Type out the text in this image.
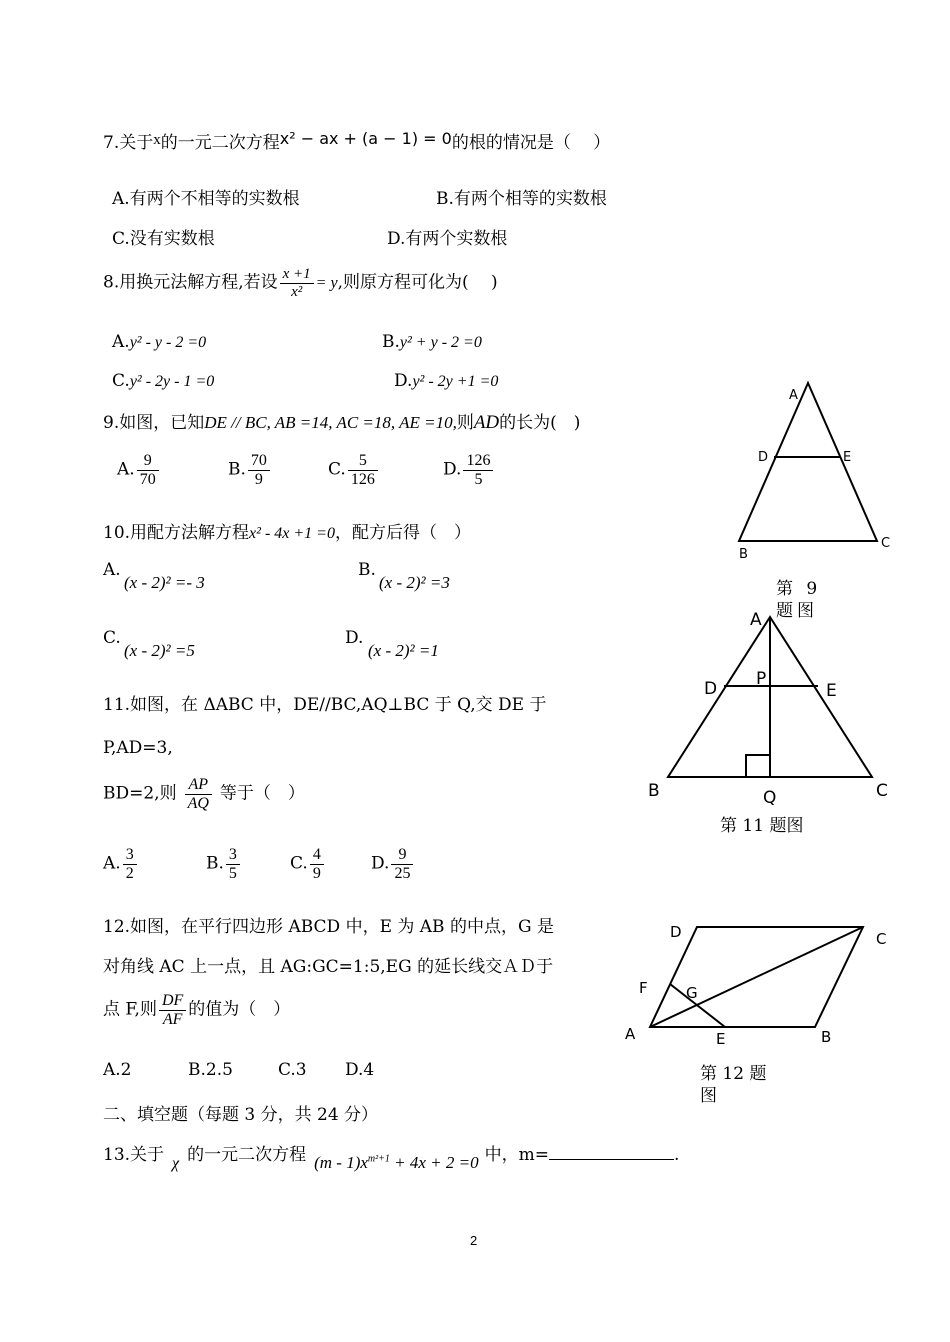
7.关于x的一元二次方程x² − ax + (a − 1) = 0的根的情况是（　 ）
A.有两个不相等的实数根	B.有两个相等的实数根
C.没有实数根	D.有两个实数根
8.用换元法解方程,若设 $\frac{x +1}{\text{x²}} = y$,则原方程可化为(　 )
A.y² - y - 2 =0	B.y² + y - 2 =0
C.y² - 2y - 1 =0	D.y² - 2y +1 =0
9.如图，已知DE // BC, AB =14, AC =18, AE =10,则AD的长为(　)
A. $\frac{9}{70}$	B. $\frac{70}{9}$	C. $\frac{5}{126}$	D. $\frac{126}{5}$
A
D	E
B
C
第 9 题图
10.用配方法解方程x² - 4x +1 =0，配方后得（　）
A.
(x - 2)² =- 3
B.
(x - 2)² =3
C.
(x - 2)² =5
D.
(x - 2)² =1
A
D P
E
B	Q	C
第 11 题图
11.如图，在 ΔABC 中，DE//BC,AQ⊥BC 于 Q,交 DE 于
P,AD=3,
BD=2,则 $\frac{AP}{AQ}$ 等于（　）
A. $\frac{3}{2}$	B. $\frac{3}{5}$	C. $\frac{4}{9}$	D. $\frac{9}{25}$
12.如图，在平行四边形 ABCD 中，E 为 AB 的中点，G 是
对角线 AC 上一点，且 AG:GC=1:5,EG 的延长线交ＡＤ于
点 F,则 $\frac{DF}{AF}$ 的值为（　）
A.2	B.2.5	C.3 D.4
D	C
F	G
A	E	B
第 12 题图
二、填空题（每题 3 分，共 24 分）
13.关于 χ 的一元二次方程 $(m - 1)x^{m^2+1} + 4x + 2 =0$ 中，m=	.
2
